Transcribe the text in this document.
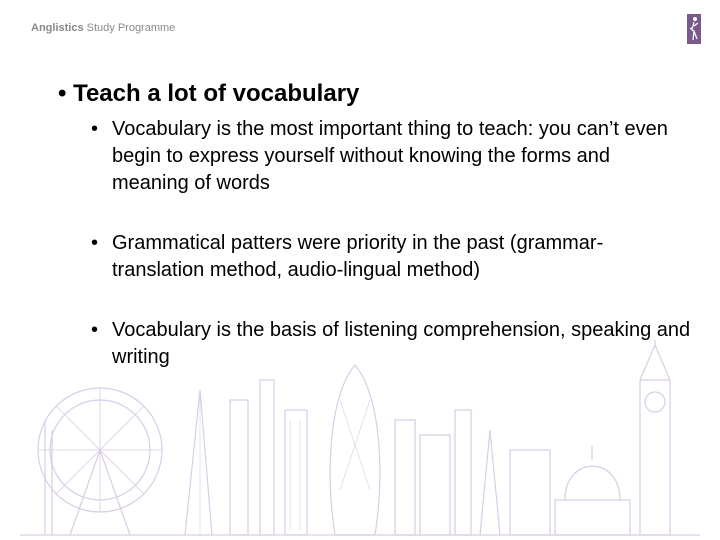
Anglistics Study Programme
• Teach a lot of vocabulary
• Vocabulary is the most important thing to teach: you can’t even begin to express yourself without knowing the forms and meaning of words
• Grammatical patters were priority in the past (grammar-translation method, audio-lingual method)
• Vocabulary is the basis of listening comprehension, speaking and writing
